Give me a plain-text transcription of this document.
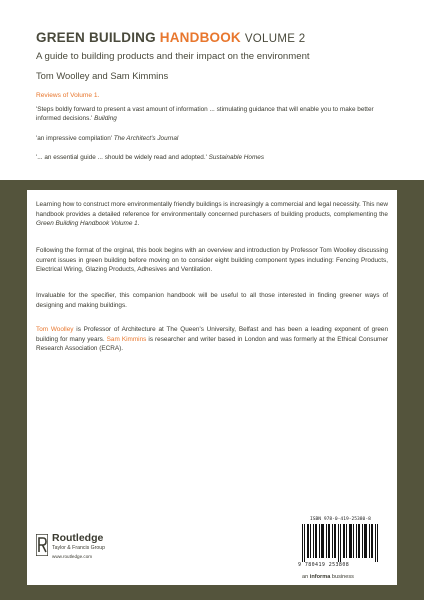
GREEN BUILDING HANDBOOK VOLUME 2
A guide to building products and their impact on the environment
Tom Woolley and Sam Kimmins
Reviews of Volume 1.
'Steps boldly forward to present a vast amount of information ... stimulating guidance that will enable you to make better informed decisions.' Building
'an impressive compilation' The Architect's Journal
'... an essential guide ... should be widely read and adopted.' Sustainable Homes
Learning how to construct more environmentally friendly buildings is increasingly a commercial and legal necessity. This new handbook provides a detailed reference for environmentally concerned purchasers of building products, complementing the Green Building Handbook Volume 1.
Following the format of the orginal, this book begins with an overview and introduction by Professor Tom Woolley discussing current issues in green building before moving on to consider eight building component types including: Fencing Products, Electrical Wiring, Glazing Products, Adhesives and Ventilation.
Invaluable for the specifier, this companion handbook will be useful to all those interested in finding greener ways of designing and making buildings.
Tom Woolley is Professor of Architecture at The Queen's University, Belfast and has been a leading exponent of green building for many years. Sam Kimmins is researcher and writer based in London and was formerly at the Ethical Consumer Research Association (ECRA).
Routledge
Taylor & Francis Group
www.routledge.com
ISBN 978-0-419-25380-8
9 780419 253808
an informa business
